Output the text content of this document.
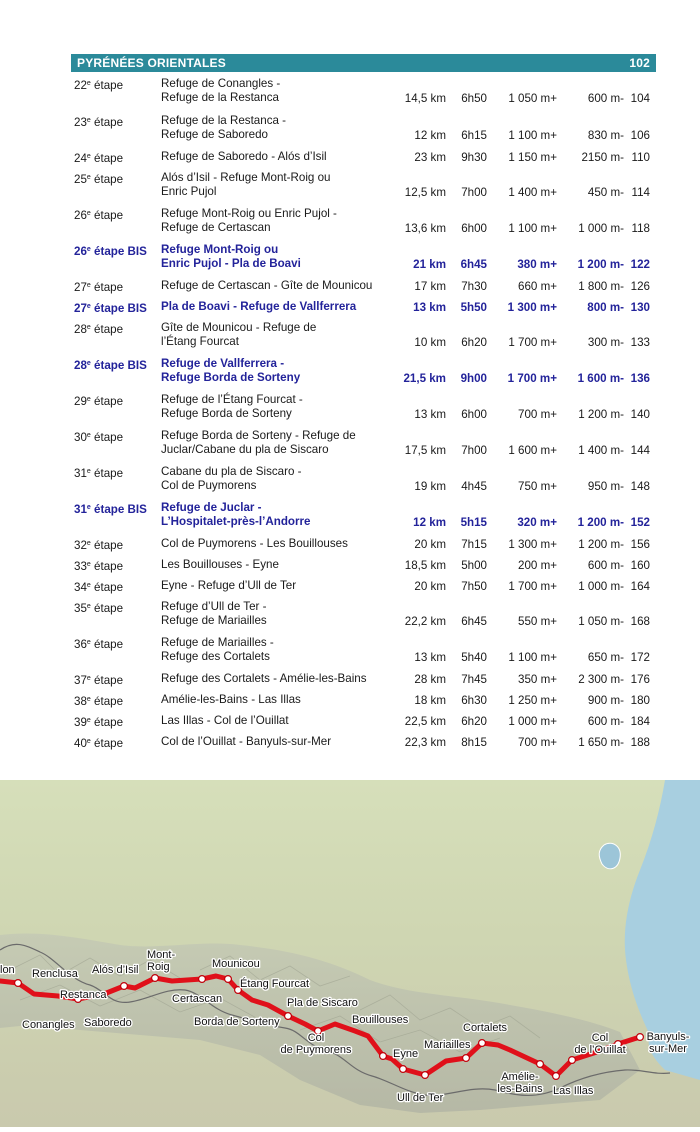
PYRÉNÉES ORIENTALES	102
22e étape	Refuge de Conangles -
Refuge de la Restanca	14,5 km 6h50 1 050 m+	600 m- 104
23e étape	Refuge de la Restanca -
Refuge de Saboredo	12 km 6h15 1 100 m+	830 m- 106
24e étape	Refuge de Saboredo - Alós d’Isil	23 km 9h30 1 150 m+ 2150 m- 110
25e étape	Alós d’Isil - Refuge Mont-Roig ou
Enric Pujol	12,5 km 7h00 1 400 m+	450 m- 114
26e étape	Refuge Mont-Roig ou Enric Pujol -
Refuge de Certascan	13,6 km 6h00 1 100 m+ 1 000 m- 118
26e étape BIS Refuge Mont-Roig ou
Enric Pujol - Pla de Boavi	21 km 6h45	380 m+ 1 200 m- 122
27e étape	Refuge de Certascan - Gîte de Mounicou	17 km 7h30	660 m+ 1 800 m- 126
27e étape BIS Pla de Boavi - Refuge de Vallferrera	13 km 5h50 1 300 m+	800 m- 130
28e étape	Gîte de Mounicou - Refuge de
l’Étang Fourcat	10 km 6h20 1 700 m+	300 m- 133
28e étape BIS Refuge de Vallferrera -
Refuge Borda de Sorteny	21,5 km 9h00 1 700 m+ 1 600 m- 136
29e étape	Refuge de l’Étang Fourcat -
Refuge Borda de Sorteny	13 km 6h00	700 m+ 1 200 m- 140
30e étape	Refuge Borda de Sorteny - Refuge de
Juclar/Cabane du pla de Siscaro	17,5 km 7h00 1 600 m+ 1 400 m- 144
31e étape	Cabane du pla de Siscaro -
Col de Puymorens	19 km 4h45	750 m+	950 m- 148
31e étape BIS Refuge de Juclar -
L’Hospitalet-près-l’Andorre	12 km 5h15	320 m+ 1 200 m- 152
32e étape	Col de Puymorens - Les Bouillouses	20 km 7h15 1 300 m+ 1 200 m- 156
33e étape	Les Bouillouses - Eyne	18,5 km 5h00	200 m+	600 m- 160
34e étape	Eyne - Refuge d’Ull de Ter	20 km 7h50 1 700 m+ 1 000 m- 164
35e étape	Refuge d’Ull de Ter -
Refuge de Mariailles	22,2 km 6h45	550 m+ 1 050 m- 168
36e étape	Refuge de Mariailles -
Refuge des Cortalets	13 km 5h40 1 100 m+	650 m- 172
37e étape	Refuge des Cortalets - Amélie-les-Bains	28 km 7h45	350 m+ 2 300 m- 176
38e étape	Amélie-les-Bains - Las Illas	18 km 6h30 1 250 m+	900 m- 180
39e étape	Las Illas - Col de l’Ouillat	22,5 km 6h20 1 000 m+	600 m- 184
40e étape	Col de l’Ouillat - Banyuls-sur-Mer	22,3 km 8h15	700 m+ 1 650 m- 188
lon Renclusa
Restanca
Conangles Saboredo
Alós d’Isil
Mont-Roig
Certascan
Mounicou
Étang Fourcat
Borda de Sorteny
Pla de Siscaro
Col de Puymorens
Bouillouses
Eyne
Ull de Ter
Mariailles
Cortalets
Amélie-les-Bains Las Illas
Col de l’Ouillat
Banyuls-sur-Mer
